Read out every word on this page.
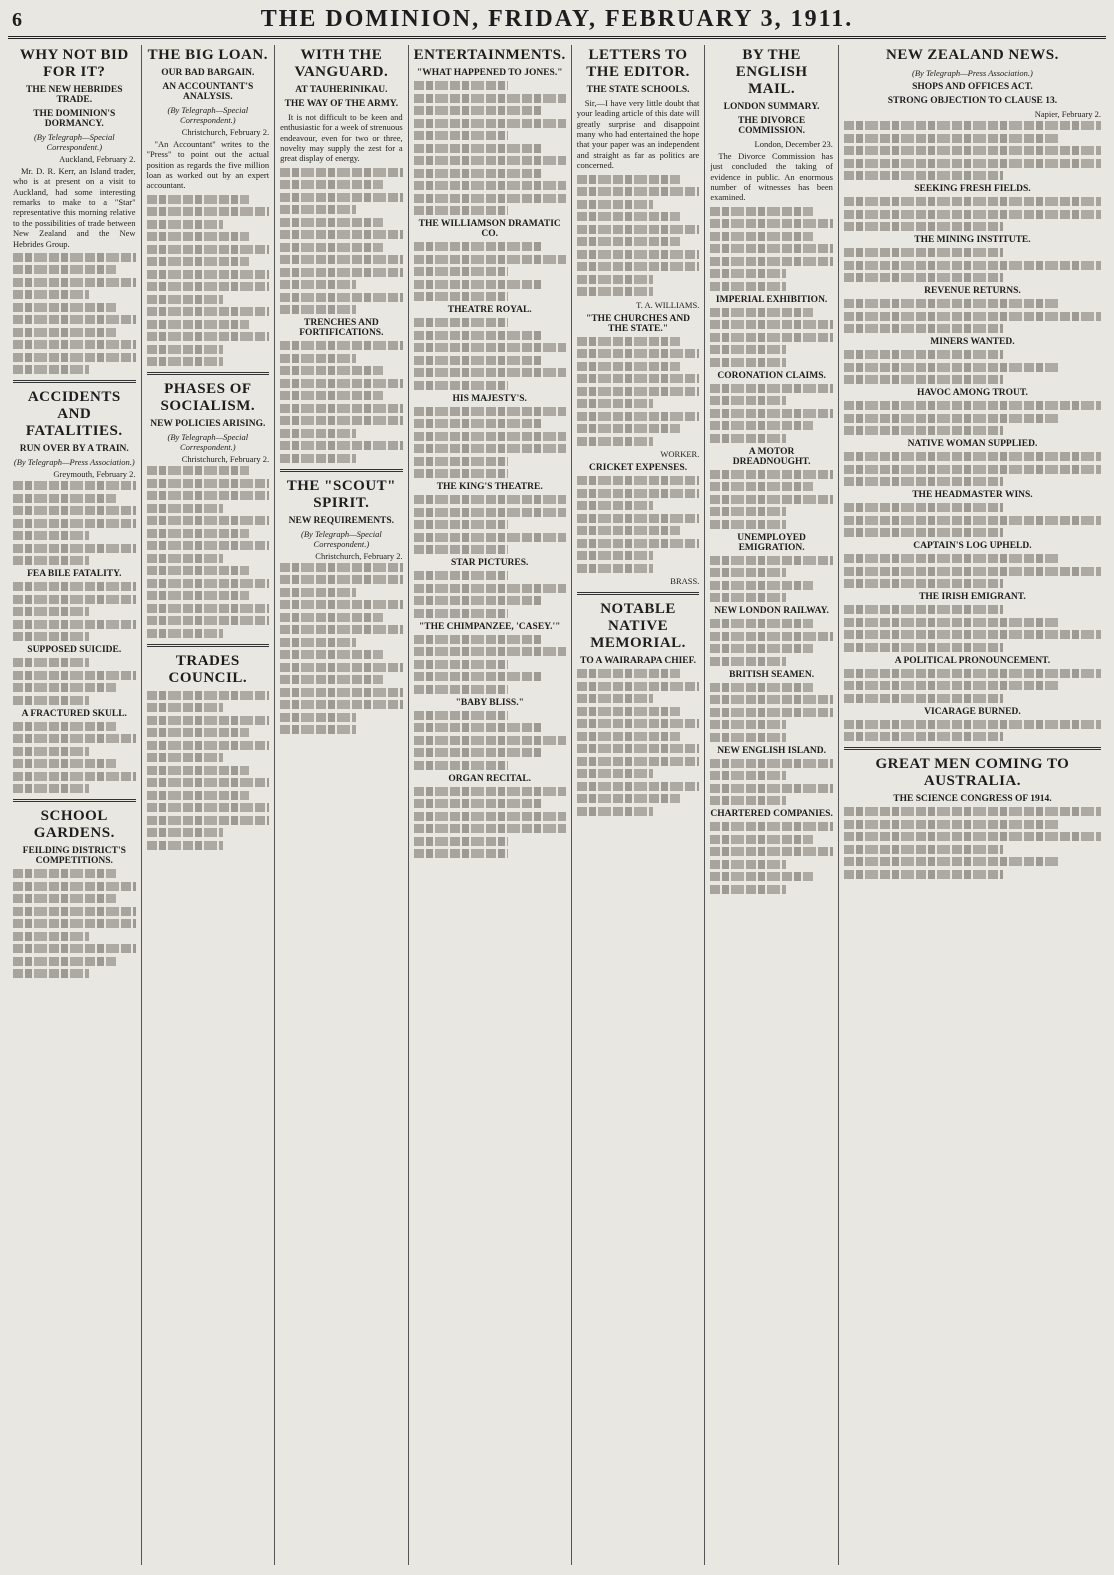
6	THE DOMINION, FRIDAY, FEBRUARY 3, 1911.
WHY NOT BID FOR IT?
THE NEW HEBRIDES TRADE.
THE DOMINION'S DORMANCY.
(By Telegraph—Special Correspondent.)
Auckland, February 2.

Mr. D. R. Kerr, an Island trader, who is at present on a visit to Auckland, had some interesting remarks to make to a "Star" representative this morning relative to the possibilities of trade between New Zealand and the New Hebrides Group.

ACCIDENTS AND FATALITIES.
RUN OVER BY A TRAIN.
(By Telegraph—Press Association.)
Greymouth, February 2.
FEA BILE FATALITY.
SUPPOSED SUICIDE.
A FRACTURED SKULL.
SCHOOL GARDENS.
FEILDING DISTRICT'S COMPETITIONS.
THE BIG LOAN.
OUR BAD BARGAIN.
AN ACCOUNTANT'S ANALYSIS.
(By Telegraph—Special Correspondent.)
Christchurch, February 2.

"An Accountant" writes to the "Press" to point out the actual position as regards the five million loan as worked out by an expert accountant.

PHASES OF SOCIALISM.
NEW POLICIES ARISING.
(By Telegraph—Special Correspondent.)
Christchurch, February 2.
TRADES COUNCIL.
WITH THE VANGUARD.
AT TAUHERINIKAU.
THE WAY OF THE ARMY.

It is not difficult to be keen and enthusiastic for a week of strenuous endeavour, even for two or three, novelty may supply the zest for a great display of energy.

TRENCHES AND FORTIFICATIONS.
THE "SCOUT" SPIRIT.
NEW REQUIREMENTS.
(By Telegraph—Special Correspondent.)
Christchurch, February 2.
ENTERTAINMENTS.
"WHAT HAPPENED TO JONES."
THE WILLIAMSON DRAMATIC CO.
THEATRE ROYAL.
HIS MAJESTY'S.
THE KING'S THEATRE.
STAR PICTURES.
"THE CHIMPANZEE, 'CASEY.'"
"BABY BLISS."
ORGAN RECITAL.
LETTERS TO THE EDITOR.
THE STATE SCHOOLS.

Sir,—I have very little doubt that your leading article of this date will greatly surprise and disappoint many who had entertained the hope that your paper was an independent and straight as far as politics are concerned.

T. A. WILLIAMS.
"THE CHURCHES AND THE STATE."
WORKER.
CRICKET EXPENSES.
BRASS.
NOTABLE NATIVE MEMORIAL.
TO A WAIRARAPA CHIEF.
BY THE ENGLISH MAIL.
LONDON SUMMARY.
THE DIVORCE COMMISSION.
London, December 23.

The Divorce Commission has just concluded the taking of evidence in public. An enormous number of witnesses has been examined.

IMPERIAL EXHIBITION.
CORONATION CLAIMS.
A MOTOR DREADNOUGHT.
UNEMPLOYED EMIGRATION.
NEW LONDON RAILWAY.
BRITISH SEAMEN.
NEW ENGLISH ISLAND.
CHARTERED COMPANIES.
NEW ZEALAND NEWS.
(By Telegraph—Press Association.)
SHOPS AND OFFICES ACT.
STRONG OBJECTION TO CLAUSE 13.
Napier, February 2.
SEEKING FRESH FIELDS.
THE MINING INSTITUTE.
REVENUE RETURNS.
MINERS WANTED.
HAVOC AMONG TROUT.
NATIVE WOMAN SUPPLIED.
THE HEADMASTER WINS.
CAPTAIN'S LOG UPHELD.
THE IRISH EMIGRANT.
A POLITICAL PRONOUNCEMENT.
VICARAGE BURNED.
GREAT MEN COMING TO AUSTRALIA.
THE SCIENCE CONGRESS OF 1914.
